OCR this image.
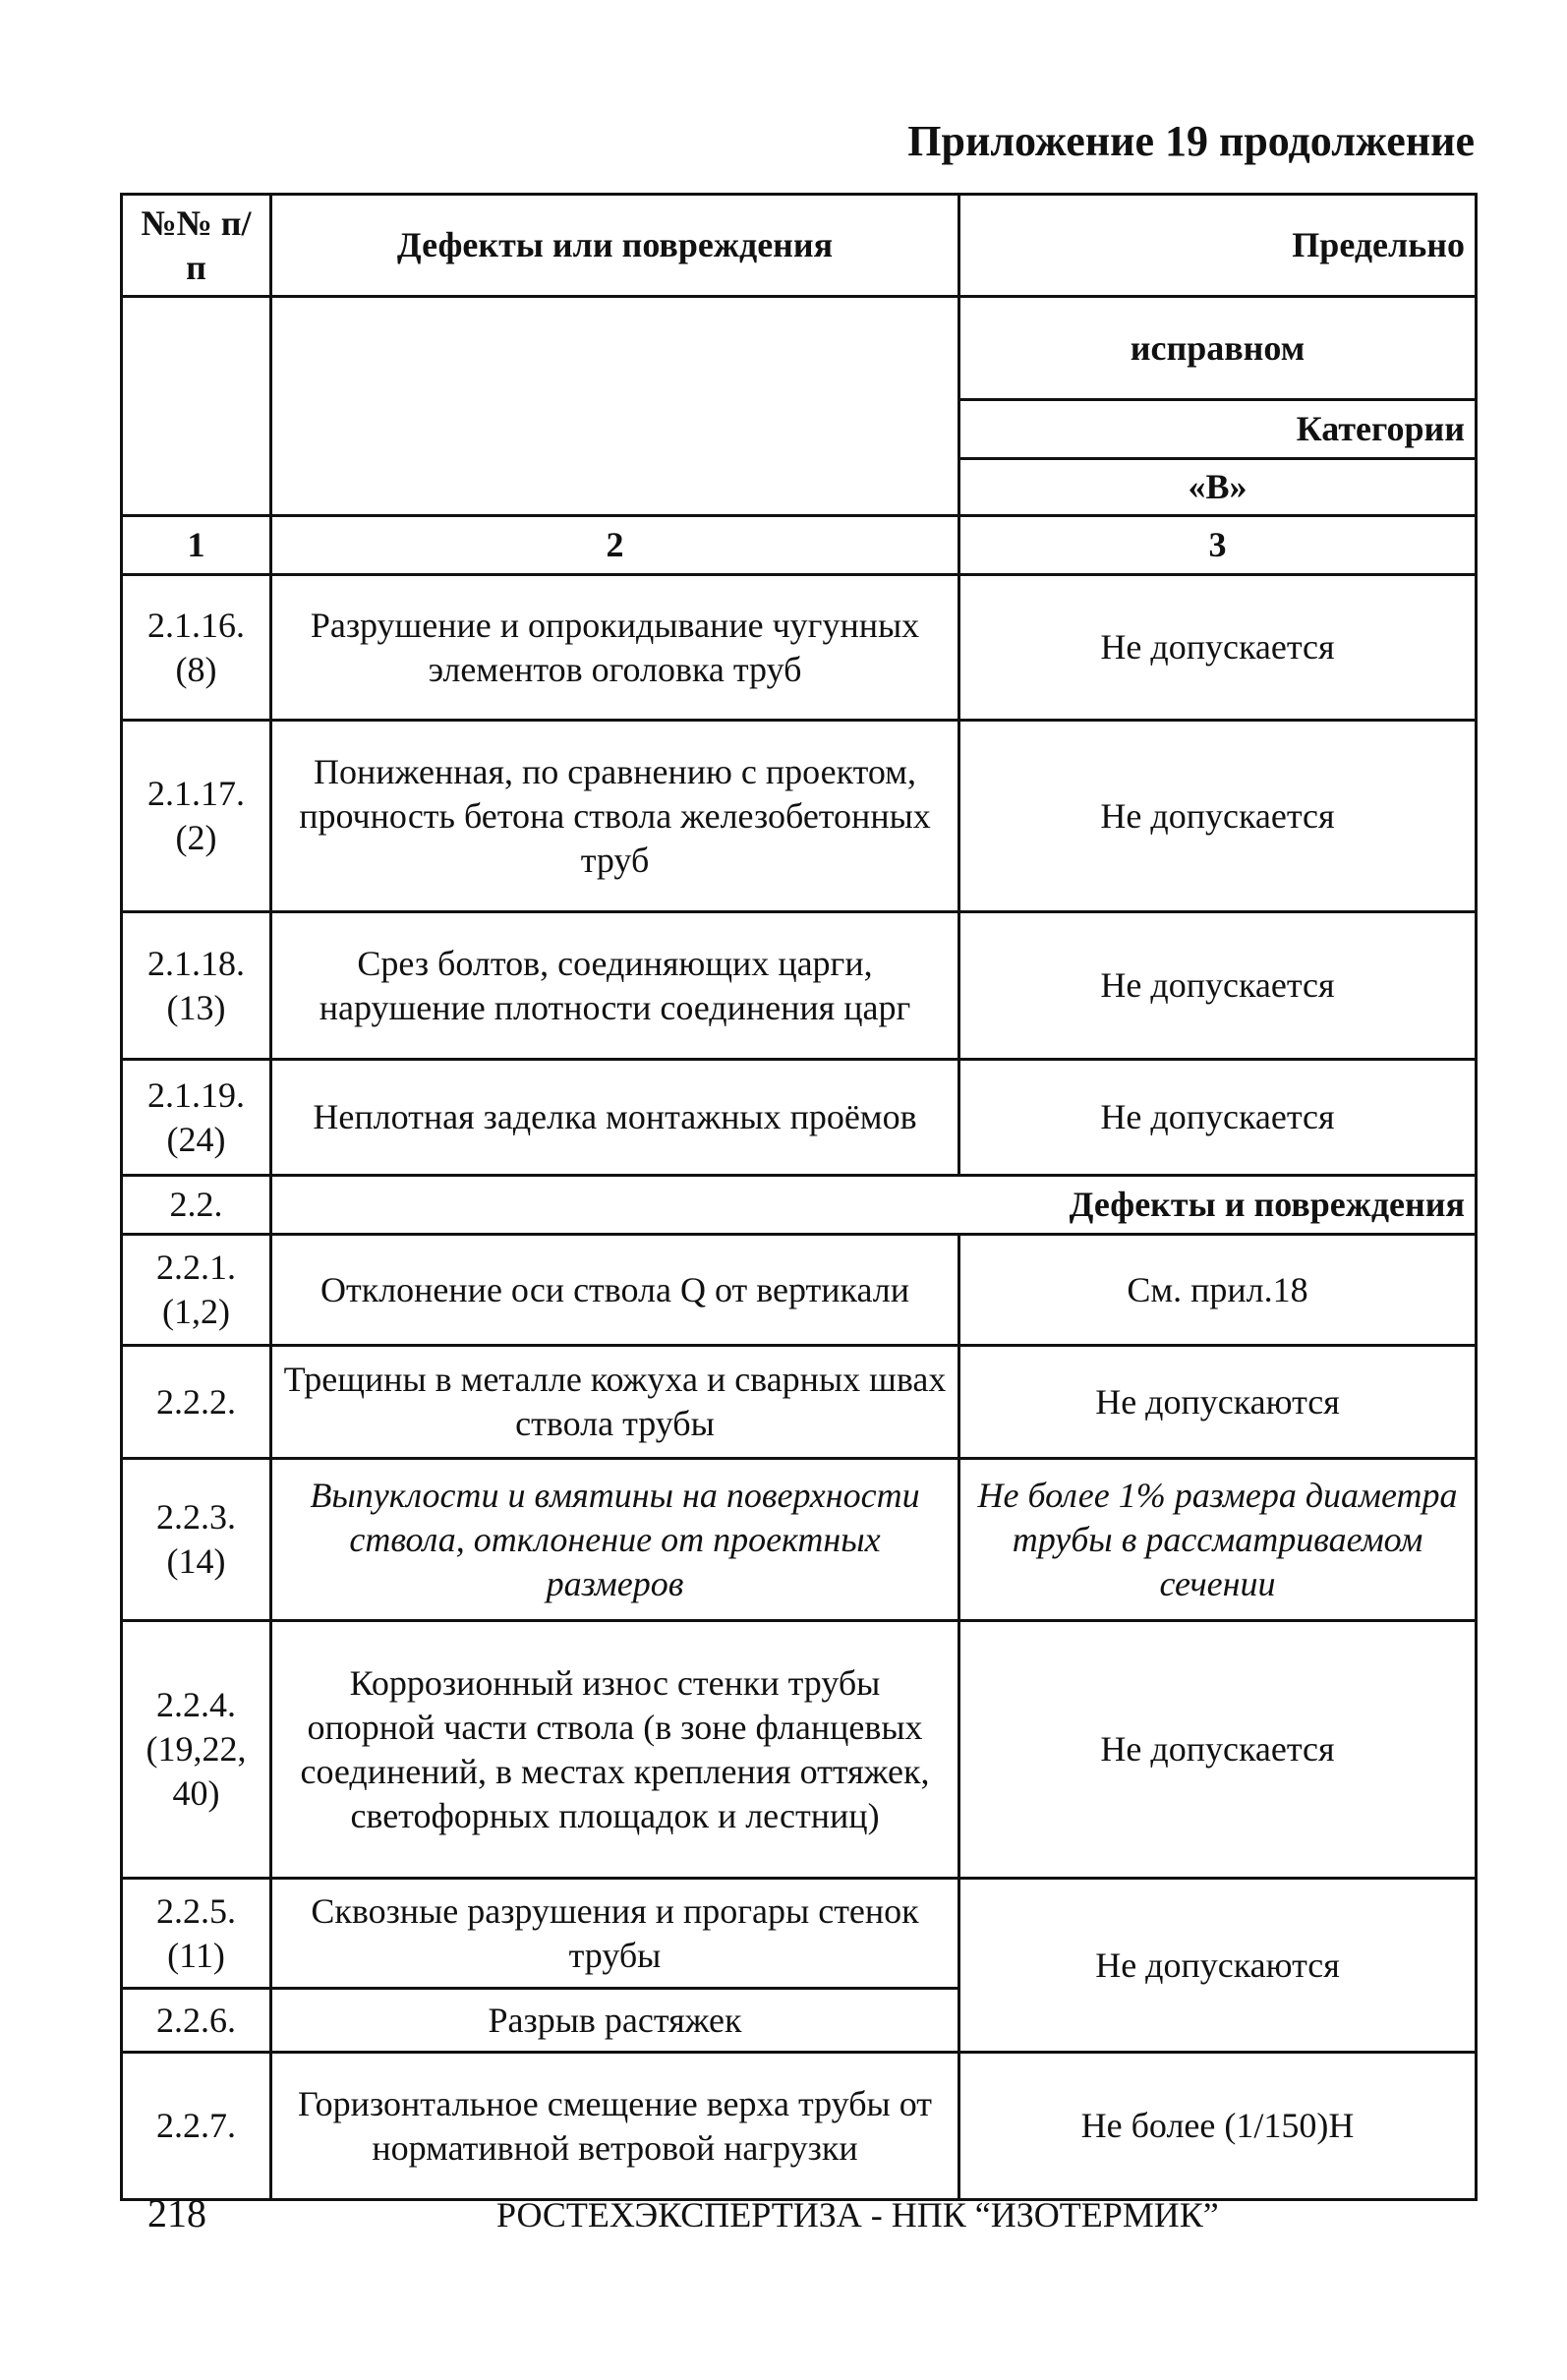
Приложение 19 продолжение
№№ п/п	Дефекты или повреждения	Предельно
		исправном
		Категории
		«В»
1	2	3
2.1.16. (8)	Разрушение и опрокидывание чугунных элементов оголовка труб	Не допускается
2.1.17. (2)	Пониженная, по сравнению с проектом, прочность бетона ствола железобетонных труб	Не допускается
2.1.18. (13)	Срез болтов, соединяющих царги, нарушение плотности соединения царг	Не допускается
2.1.19. (24)	Неплотная заделка монтажных проёмов	Не допускается
2.2.	Дефекты и повреждения	
2.2.1. (1,2)	Отклонение оси ствола Q от вертикали	См. прил.18
2.2.2.	Трещины в металле кожуха и сварных швах ствола трубы	Не допускаются
2.2.3. (14)	Выпуклости и вмятины на поверхности ствола, отклонение от проектных размеров	Не более 1% размера диаметра трубы в рассматриваемом сечении
2.2.4. (19,22, 40)	Коррозионный износ стенки трубы опорной части ствола (в зоне фланцевых соединений, в местах крепления оттяжек, светофорных площадок и лестниц)	Не допускается
2.2.5. (11)	Сквозные разрушения и прогары стенок трубы	Не допускаются
2.2.6.	Разрыв растяжек	
2.2.7.	Горизонтальное смещение верха трубы от нормативной ветровой нагрузки	Не более (1/150)H
218	РОСТЕХЭКСПЕРТИЗА - НПК “ИЗОТЕРМИК”
